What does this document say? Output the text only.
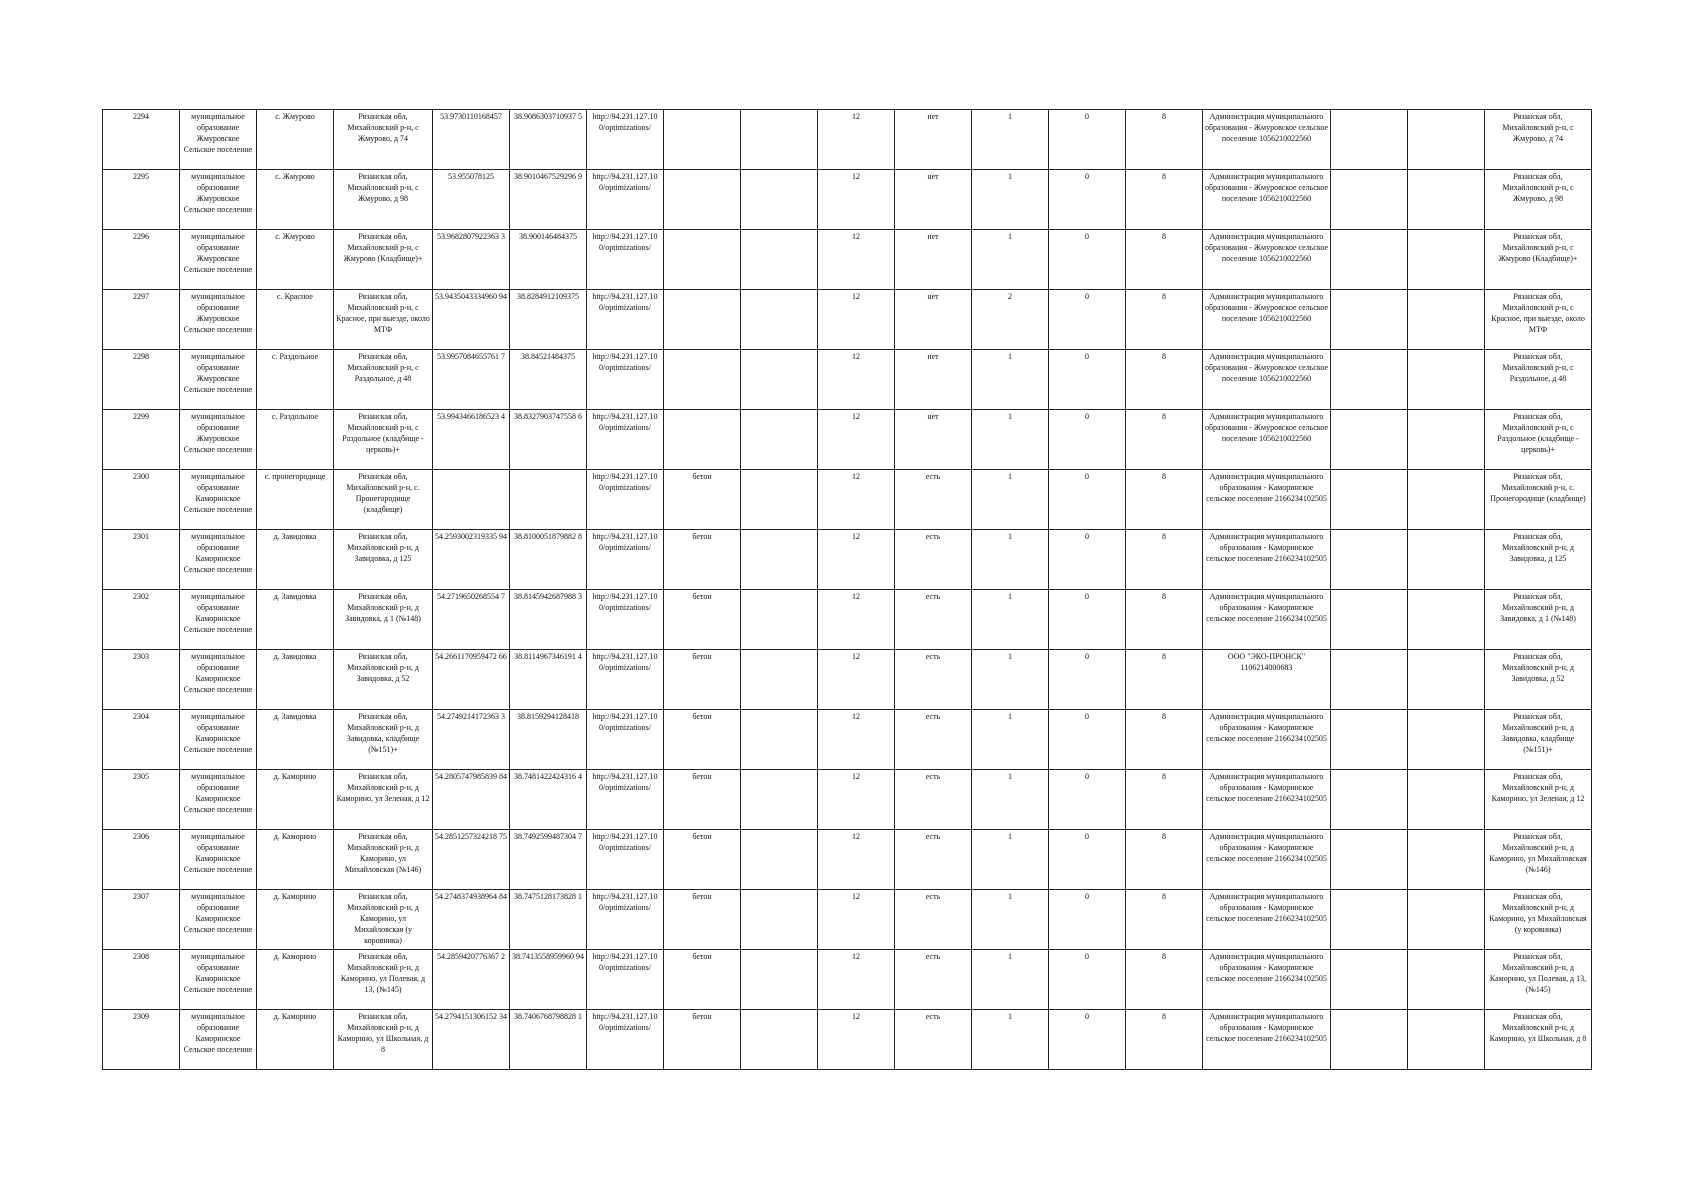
2294	муниципальное образование Жмуровское Сельское поселение	с. Жмурово	Рязанская обл, Михайловский р-н, с Жмурово, д 74	53.9730110168457	38.9086303710937 5	http://94.231.127.10 0/optimizations/			12	нет	1	0	8	Администрация муниципального образования - Жмуровское сельское поселение 1056210022560			Рязанская обл, Михайловский р-н, с Жмурово, д 74
2295	муниципальное образование Жмуровское Сельское поселение	с. Жмурово	Рязанская обл, Михайловский р-н, с Жмурово, д 98	53.955078125	38.9010467529296 9	http://94.231.127.10 0/optimizations/			12	нет	1	0	8	Администрация муниципального образования - Жмуровское сельское поселение 1056210022560			Рязанская обл, Михайловский р-н, с Жмурово, д 98
2296	муниципальное образование Жмуровское Сельское поселение	с. Жмурово	Рязанская обл, Михайловский р-н, с Жмурово (Кладбище)+	53.9682807922363 3	38.900146484375	http://94.231.127.10 0/optimizations/			12	нет	1	0	8	Администрация муниципального образования - Жмуровское сельское поселение 1056210022560			Рязанская обл, Михайловский р-н, с Жмурово (Кладбище)+
2297	муниципальное образование Жмуровское Сельское поселение	с. Красное	Рязанская обл, Михайловский р-н, с Красное, при выезде, около МТФ	53.9435043334960 94	38.8284912109375	http://94.231.127.10 0/optimizations/			12	нет	2	0	8	Администрация муниципального образования - Жмуровское сельское поселение 1056210022560			Рязанская обл, Михайловский р-н, с Красное, при выезде, около МТФ
2298	муниципальное образование Жмуровское Сельское поселение	с. Раздольное	Рязанская обл, Михайловский р-н, с Раздольное, д 48	53.9957084655761 7	38.84521484375	http://94.231.127.10 0/optimizations/			12	нет	1	0	8	Администрация муниципального образования - Жмуровское сельское поселение 1056210022560			Рязанская обл, Михайловский р-н, с Раздольное, д 48
2299	муниципальное образование Жмуровское Сельское поселение	с. Раздольное	Рязанская обл, Михайловский р-н, с Раздольное (кладбище - церковь)+	53.9943466186523 4	38.8327903747558 6	http://94.231.127.10 0/optimizations/			12	нет	1	0	8	Администрация муниципального образования - Жмуровское сельское поселение 1056210022560			Рязанская обл, Михайловский р-н, с Раздольное (кладбище - церковь)+
2300	муниципальное образование Каморинское Сельское поселение	с. пронегородище	Рязанская обл, Михайловский р-н, с. Пронегородище (кладбище)			http://94.231.127.10 0/optimizations/	бетон		12	есть	1	0	8	Администрация муниципального образования - Каморинское сельское поселение 2166234102505			Рязанская обл, Михайловский р-н, с. Пронегородище (кладбище)
2301	муниципальное образование Каморинское Сельское поселение	д. Завидовка	Рязанская обл, Михайловский р-н, д Завидовка, д 125	54.2593002319335 94	38.8100051879882 8	http://94.231.127.10 0/optimizations/	бетон		12	есть	1	0	8	Администрация муниципального образования - Каморинское сельское поселение 2166234102505			Рязанская обл, Михайловский р-н, д Завидовка, д 125
2302	муниципальное образование Каморинское Сельское поселение	д. Завидовка	Рязанская обл, Михайловский р-н, д Завидовка, д 1 (№148)	54.2719650268554 7	38.8145942687988 3	http://94.231.127.10 0/optimizations/	бетон		12	есть	1	0	8	Администрация муниципального образования - Каморинское сельское поселение 2166234102505			Рязанская обл, Михайловский р-н, д Завидовка, д 1 (№148)
2303	муниципальное образование Каморинское Сельское поселение	д. Завидовка	Рязанская обл, Михайловский р-н, д Завидовка, д 52	54.2661170959472 66	38.8114967346191 4	http://94.231.127.10 0/optimizations/	бетон		12	есть	1	0	8	ООО "ЭКО-ПРОНСК" 1106214000683			Рязанская обл, Михайловский р-н, д Завидовка, д 52
2304	муниципальное образование Каморинское Сельское поселение	д. Завидовка	Рязанская обл, Михайловский р-н, д Завидовка, кладбище (№151)+	54.2749214172363 3	38.8159294128418	http://94.231.127.10 0/optimizations/	бетон		12	есть	1	0	8	Администрация муниципального образования - Каморинское сельское поселение 2166234102505			Рязанская обл, Михайловский р-н, д Завидовка, кладбище (№151)+
2305	муниципальное образование Каморинское Сельское поселение	д. Каморино	Рязанская обл, Михайловский р-н, д Каморино, ул Зеленая, д 12	54.2805747985839 84	38.7481422424316 4	http://94.231.127.10 0/optimizations/	бетон		12	есть	1	0	8	Администрация муниципального образования - Каморинское сельское поселение 2166234102505			Рязанская обл, Михайловский р-н, д Каморино, ул Зеленая, д 12
2306	муниципальное образование Каморинское Сельское поселение	д. Каморино	Рязанская обл, Михайловский р-н, д Каморино, ул Михайловская (№146)	54.2851257324218 75	38.7492599487304 7	http://94.231.127.10 0/optimizations/	бетон		12	есть	1	0	8	Администрация муниципального образования - Каморинское сельское поселение 2166234102505			Рязанская обл, Михайловский р-н, д Каморино, ул Михайловская (№146)
2307	муниципальное образование Каморинское Сельское поселение	д. Каморино	Рязанская обл, Михайловский р-н, д Каморино, ул Михайловская (у коровника)	54.2748374938964 84	38.7475128173828 1	http://94.231.127.10 0/optimizations/	бетон		12	есть	1	0	8	Администрация муниципального образования - Каморинское сельское поселение 2166234102505			Рязанская обл, Михайловский р-н, д Каморино, ул Михайловская (у коровника)
2308	муниципальное образование Каморинское Сельское поселение	д. Каморино	Рязанская обл, Михайловский р-н, д Каморино, ул Полевая, д 13, (№145)	54.2859420776367 2	38.7413558959960 94	http://94.231.127.10 0/optimizations/	бетон		12	есть	1	0	8	Администрация муниципального образования - Каморинское сельское поселение 2166234102505			Рязанская обл, Михайловский р-н, д Каморино, ул Полевая, д 13, (№145)
2309	муниципальное образование Каморинское Сельское поселение	д. Каморино	Рязанская обл, Михайловский р-н, д Каморино, ул Школьная, д 8	54.2794151306152 34	38.7406768798828 1	http://94.231.127.10 0/optimizations/	бетон		12	есть	1	0	8	Администрация муниципального образования - Каморинское сельское поселение 2166234102505			Рязанская обл, Михайловский р-н, д Каморино, ул Школьная, д 8
